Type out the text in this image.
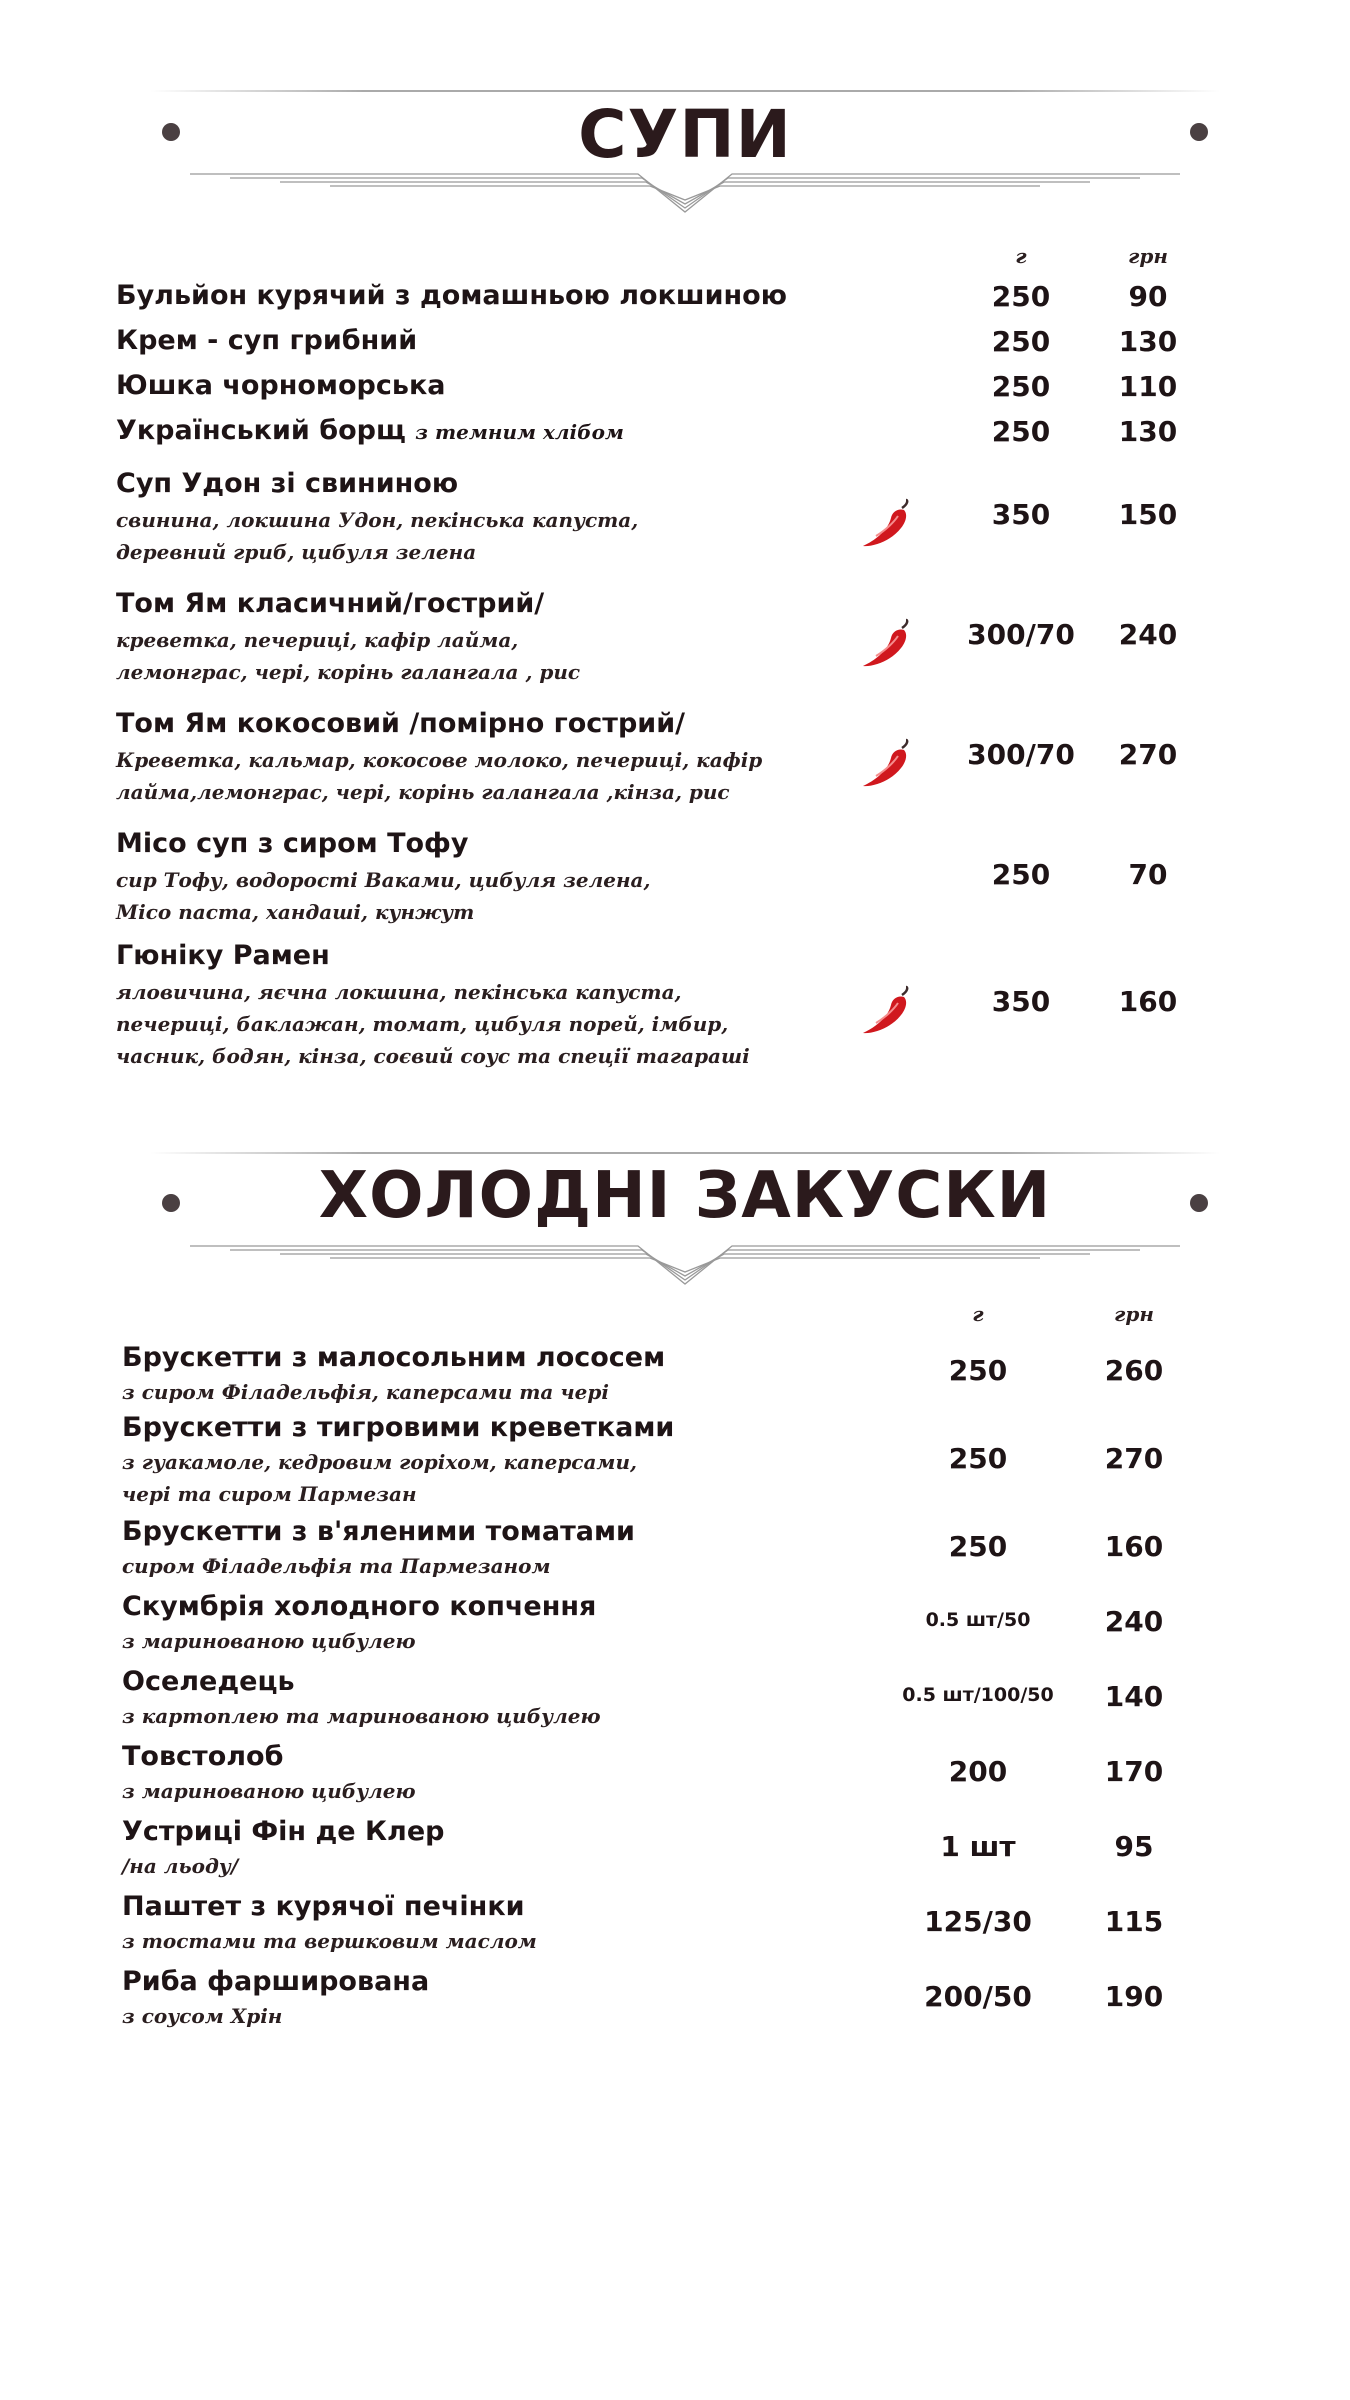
СУПИ
г	грн
Бульйон курячий з домашньою локшиною	250	90
Крем - суп грибний	250	130
Юшка чорноморська	250	110
Український борщ з темним хлібом	250	130
Суп Удон зі свининою
свинина, локшина Удон, пекінська капуста,
деревний гриб, цибуля зелена
350	150
Том Ям класичний/гострий/
креветка, печериці, кафір лайма,
лемонграс, чері, корінь галангала , рис
300/70	240
Том Ям кокосовий /помірно гострий/
Креветка, кальмар, кокосове молоко, печериці, кафір
лайма,лемонграс, чері, корінь галангала ,кінза, рис
300/70	270
Місо суп з сиром Тофу
сир Тофу, водорості Ваками, цибуля зелена,
Місо паста, хандаші, кунжут
250	70
Гюніку Рамен
яловичина, яєчна локшина, пекінська капуста,
печериці, баклажан, томат, цибуля порей, імбир,
часник, бодян, кінза, соєвий соус та спеції тагараші
350	160
ХОЛОДНІ ЗАКУСКИ
г	грн
Брускетти з малосольним лососем
з сиром Філадельфія, каперсами та чері
250	260
Брускетти з тигровими креветками
з гуакамоле, кедровим горіхом, каперсами,
чері та сиром Пармезан
250	270
Брускетти з в'яленими томатами
сиром Філадельфія та Пармезаном
250	160
Скумбрія холодного копчення
з маринованою цибулею
0.5 шт/50	240
Оселедець
з картоплею та маринованою цибулею
0.5 шт/100/50	140
Товстолоб
з маринованою цибулею
200	170
Устриці Фін де Клер
/на льоду/
1 шт	95
Паштет з курячої печінки
з тостами та вершковим маслом
125/30	115
Риба фарширована
з соусом Хрін
200/50	190
